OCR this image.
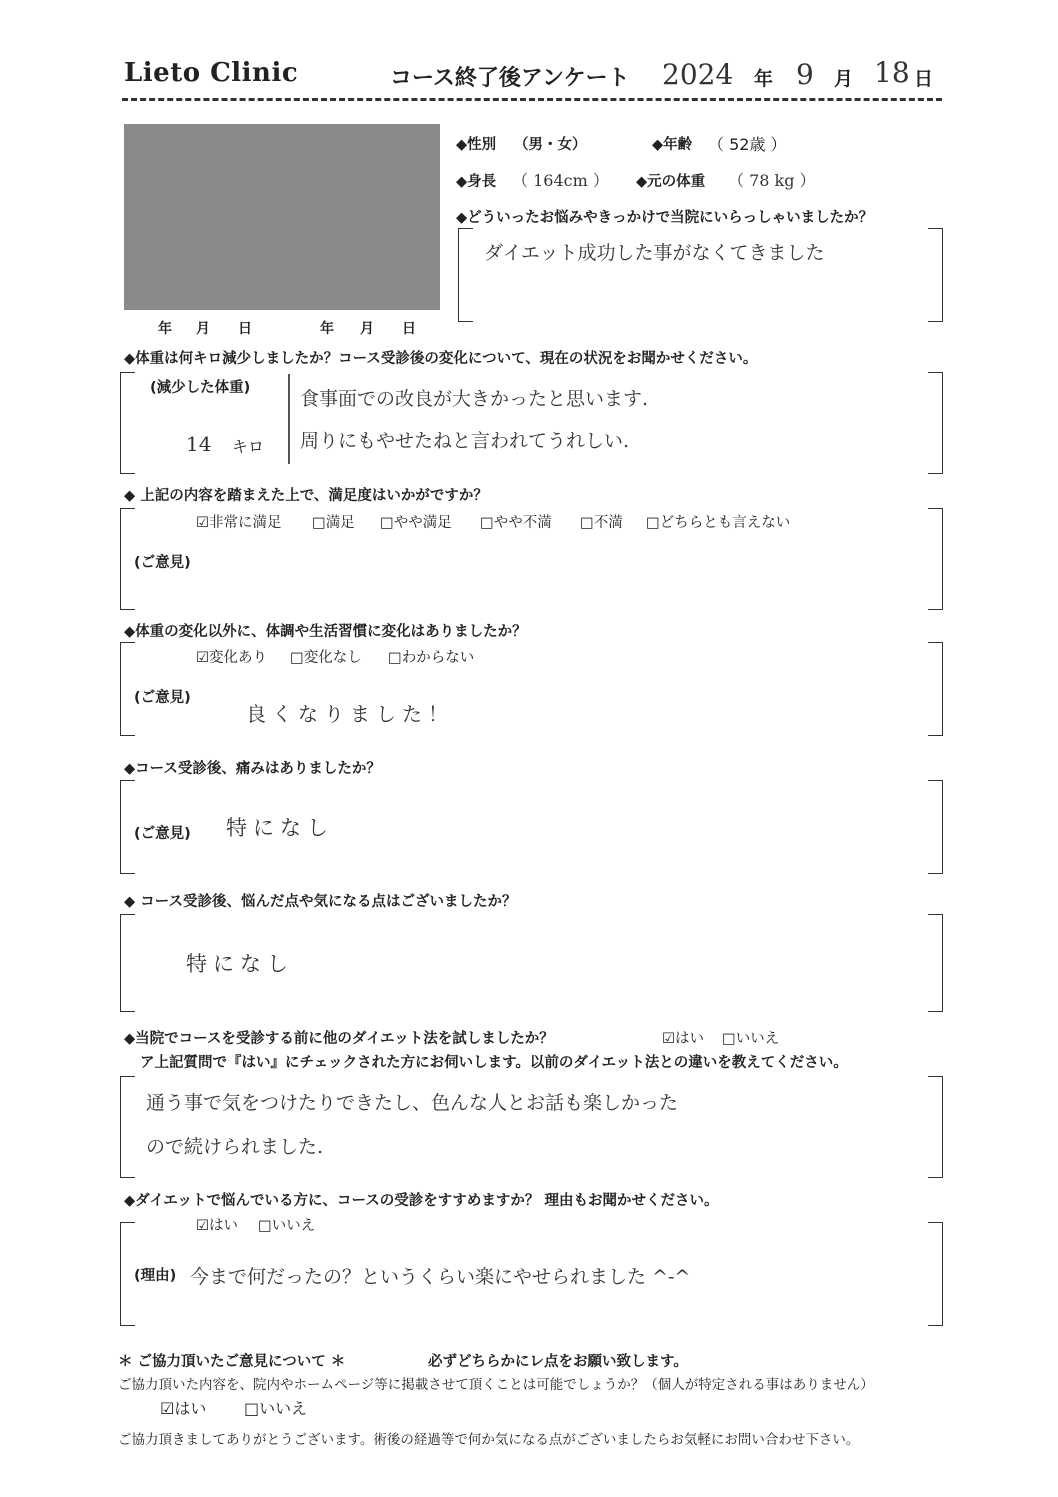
Lieto Clinic	コース終了後アンケート 2024 年 9 月 18 日
年 月 日	年 月 日
◆性別 （男・女）	◆年齢 （ 52歳 ）
◆身長 （ 164cm ） ◆元の体重 （ 78 kg ）
◆どういったお悩みやきっかけで当院にいらっしゃいましたか？
ダイエット成功した事がなくてきました
◆体重は何キロ減少しましたか？コース受診後の変化について、現在の状況をお聞かせください。
(減少した体重)
14 キロ
食事面での改良が大きかったと思います.
周りにもやせたねと言われてうれしい.
◆ 上記の内容を踏まえた上で、満足度はいかがですか？
☑非常に満足 □満足 □やや満足 □やや不満 □不満 □どちらとも言えない
(ご意見)
◆体重の変化以外に、体調や生活習慣に変化はありましたか？
☑変化あり □変化なし □わからない
(ご意見)
良くなりました！
◆コース受診後、痛みはありましたか？
(ご意見) 特になし
◆ コース受診後、悩んだ点や気になる点はございましたか？
特になし
◆当院でコースを受診する前に他のダイエット法を試しましたか？	☑はい □いいえ
ア上記質問で『はい』にチェックされた方にお伺いします。以前のダイエット法との違いを教えてください。
通う事で気をつけたりできたし、色んな人とお話も楽しかった
ので続けられました.
◆ダイエットで悩んでいる方に、コースの受診をすすめますか？ 理由もお聞かせください。
☑はい □いいえ
(理由) 今まで何だったの？というくらい楽にやせられました ^-^
＊ ご協力頂いたご意見について ＊	必ずどちらかにレ点をお願い致します。
ご協力頂いた内容を、院内やホームページ等に掲載させて頂くことは可能でしょうか？（個人が特定される事はありません）
☑はい □いいえ
ご協力頂きましてありがとうございます。術後の経過等で何か気になる点がございましたらお気軽にお問い合わせ下さい。
